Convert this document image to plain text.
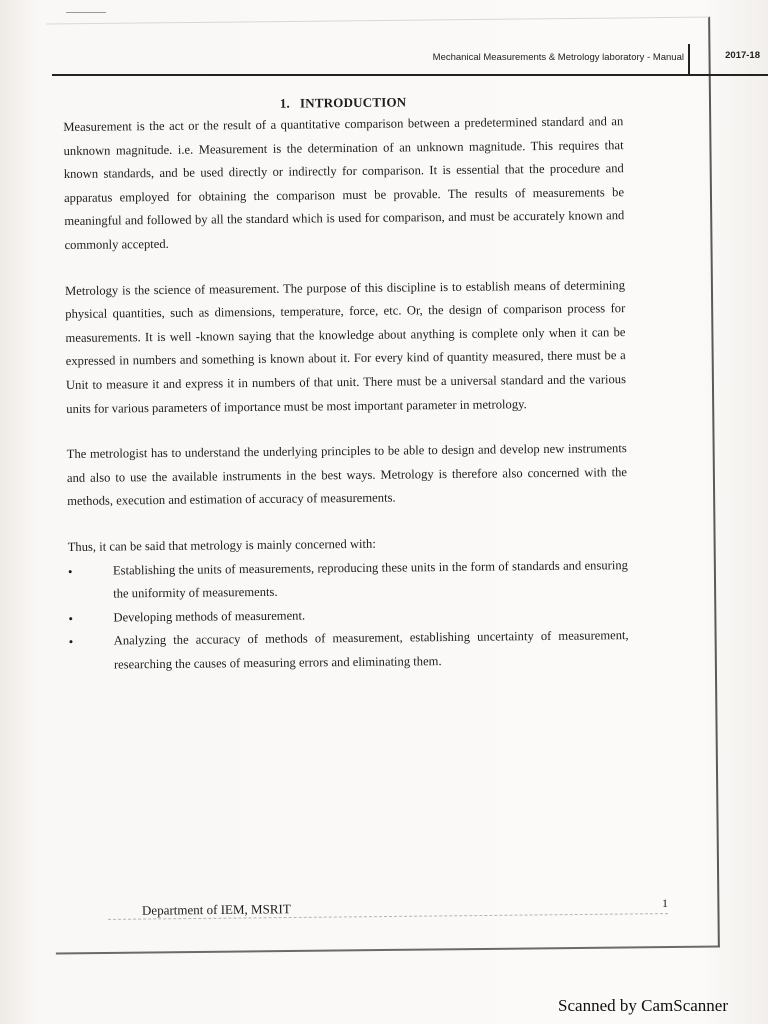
Mechanical Measurements & Metrology laboratory - Manual	2017-18
1. INTRODUCTION

Measurement is the act or the result of a quantitative comparison between a predetermined standard and an unknown magnitude. i.e. Measurement is the determination of an unknown magnitude. This requires that known standards, and be used directly or indirectly for comparison. It is essential that the procedure and apparatus employed for obtaining the comparison must be provable. The results of measurements be meaningful and followed by all the standard which is used for comparison, and must be accurately known and commonly accepted.

Metrology is the science of measurement. The purpose of this discipline is to establish means of determining physical quantities, such as dimensions, temperature, force, etc. Or, the design of comparison process for measurements. It is well -known saying that the knowledge about anything is complete only when it can be expressed in numbers and something is known about it. For every kind of quantity measured, there must be a Unit to measure it and express it in numbers of that unit. There must be a universal standard and the various units for various parameters of importance must be most important parameter in metrology.

The metrologist has to understand the underlying principles to be able to design and develop new instruments and also to use the available instruments in the best ways. Metrology is therefore also concerned with the methods, execution and estimation of accuracy of measurements.

Thus, it can be said that metrology is mainly concerned with:

•	Establishing the units of measurements, reproducing these units in the form of standards and ensuring the uniformity of measurements.
•	Developing methods of measurement.
•	Analyzing the accuracy of methods of measurement, establishing uncertainty of measurement, researching the causes of measuring errors and eliminating them.
Department of IEM, MSRIT	1
Scanned by CamScanner
